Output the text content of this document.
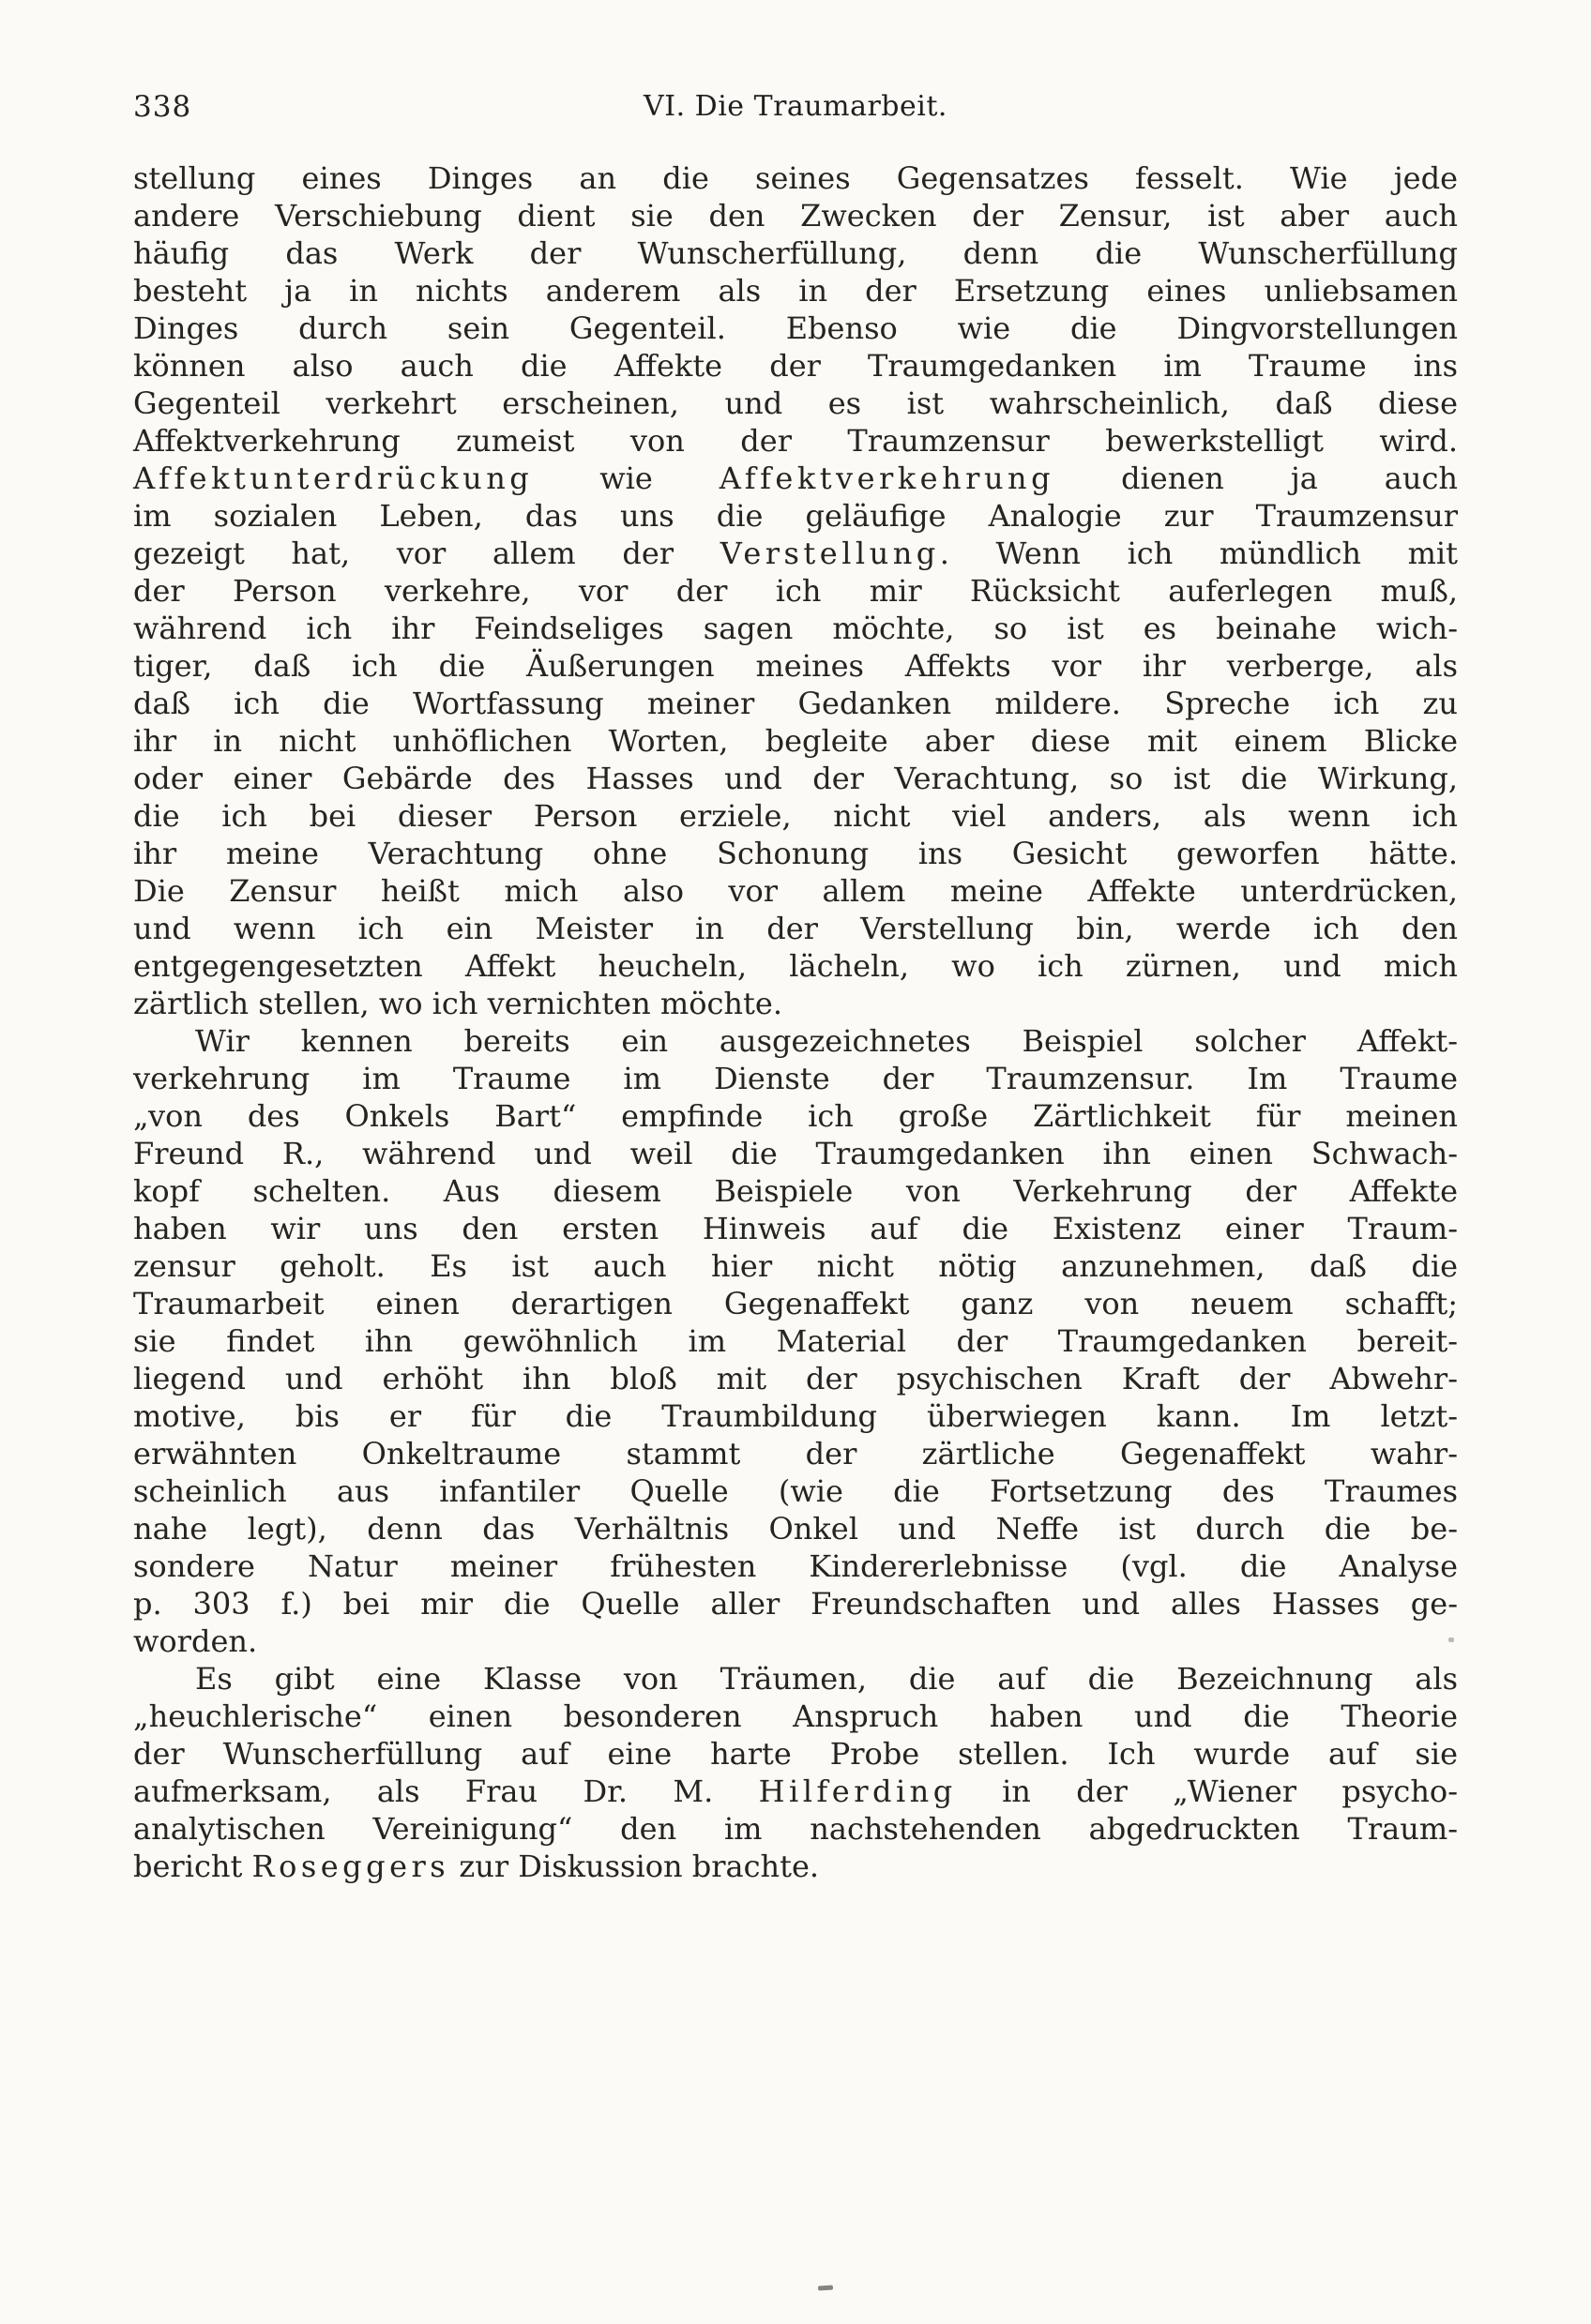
338	VI. Die Traumarbeit.
stellung eines Dinges an die seines Gegensatzes fesselt. Wie jede
andere Verschiebung dient sie den Zwecken der Zensur, ist aber auch
häufig das Werk der Wunscherfüllung, denn die Wunscherfüllung
besteht ja in nichts anderem als in der Ersetzung eines unliebsamen
Dinges durch sein Gegenteil. Ebenso wie die Dingvorstellungen
können also auch die Affekte der Traumgedanken im Traume ins
Gegenteil verkehrt erscheinen, und es ist wahrscheinlich, daß diese
Affektverkehrung zumeist von der Traumzensur bewerkstelligt wird.
Affektunterdrückung wie Affektverkehrung dienen ja auch
im sozialen Leben, das uns die geläufige Analogie zur Traumzensur
gezeigt hat, vor allem der Verstellung. Wenn ich mündlich mit
der Person verkehre, vor der ich mir Rücksicht auferlegen muß,
während ich ihr Feindseliges sagen möchte, so ist es beinahe wich-
tiger, daß ich die Äußerungen meines Affekts vor ihr verberge, als
daß ich die Wortfassung meiner Gedanken mildere. Spreche ich zu
ihr in nicht unhöflichen Worten, begleite aber diese mit einem Blicke
oder einer Gebärde des Hasses und der Verachtung, so ist die Wirkung,
die ich bei dieser Person erziele, nicht viel anders, als wenn ich
ihr meine Verachtung ohne Schonung ins Gesicht geworfen hätte.
Die Zensur heißt mich also vor allem meine Affekte unterdrücken,
und wenn ich ein Meister in der Verstellung bin, werde ich den
entgegengesetzten Affekt heucheln, lächeln, wo ich zürnen, und mich
zärtlich stellen, wo ich vernichten möchte.
Wir kennen bereits ein ausgezeichnetes Beispiel solcher Affekt-
verkehrung im Traume im Dienste der Traumzensur. Im Traume
„von des Onkels Bart“ empfinde ich große Zärtlichkeit für meinen
Freund R., während und weil die Traumgedanken ihn einen Schwach-
kopf schelten. Aus diesem Beispiele von Verkehrung der Affekte
haben wir uns den ersten Hinweis auf die Existenz einer Traum-
zensur geholt. Es ist auch hier nicht nötig anzunehmen, daß die
Traumarbeit einen derartigen Gegenaffekt ganz von neuem schafft;
sie findet ihn gewöhnlich im Material der Traumgedanken bereit-
liegend und erhöht ihn bloß mit der psychischen Kraft der Abwehr-
motive, bis er für die Traumbildung überwiegen kann. Im letzt-
erwähnten Onkeltraume stammt der zärtliche Gegenaffekt wahr-
scheinlich aus infantiler Quelle (wie die Fortsetzung des Traumes
nahe legt), denn das Verhältnis Onkel und Neffe ist durch die be-
sondere Natur meiner frühesten Kindererlebnisse (vgl. die Analyse
p. 303 f.) bei mir die Quelle aller Freundschaften und alles Hasses ge-
worden.
Es gibt eine Klasse von Träumen, die auf die Bezeichnung als
„heuchlerische“ einen besonderen Anspruch haben und die Theorie
der Wunscherfüllung auf eine harte Probe stellen. Ich wurde auf sie
aufmerksam, als Frau Dr. M. Hilferding in der „Wiener psycho-
analytischen Vereinigung“ den im nachstehenden abgedruckten Traum-
bericht Roseggers zur Diskussion brachte.
